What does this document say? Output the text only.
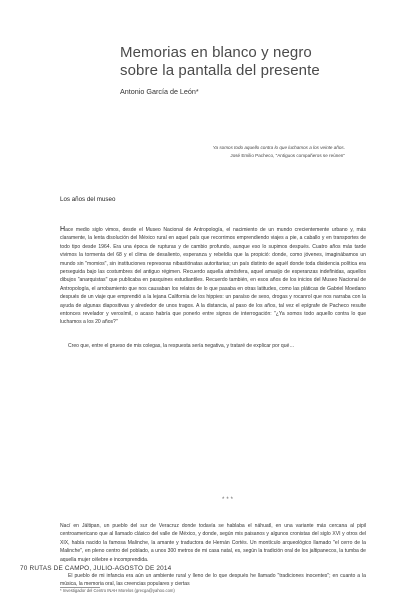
Memorias en blanco y negro
sobre la pantalla del presente
Antonio García de León*
Ya somos todo aquello contra lo que luchamos a los veinte años.
José Emilio Pacheco, "Antiguos compañeros se reúnen"
Los años del museo

Hace medio siglo vimos, desde el Museo Nacional de Antropología, el nacimiento de un mundo crecientemente urbano y, más claramente, la lenta disolución del México rural en aquel país que recorrimos emprendiendo viajes a pie, a caballo y en transportes de todo tipo desde 1964. Era una época de rupturas y de cambio profundo, aunque eso lo supimos después. Cuatro años más tarde vivimos la tormenta del 68 y el clima de desaliento, esperanza y rebeldía que la propició: donde, como jóvenes, imaginábamos un mundo sin "momios", sin instituciones represoras nibastiónatas autoritarias; un país distinto de aquél donde toda disidencia política era perseguida bajo las costumbres del antiguo régimen. Recuerdo aquella atmósfera, aquel amasijo de esperanzas indefinidas, aquellos dibujos "anarquistas" que publicaba en pasquines estudiantiles. Recuerdo también, en esos años de los inicios del Museo Nacional de Antropología, el arrobamiento que nos causaban los relatos de lo que pasaba en otras latitudes, como las pláticas de Gabriel Moedano después de un viaje que emprendió a la lejana California de los hippies: un paraíso de sexo, drogas y rocanrol que nos narraba con la ayuda de algunas diapositivas y alrededor de unos tragos. A la distancia, al paso de los años, tal vez el epígrafe de Pacheco resulte entonces revelador y verosímil, o acaso habría que ponerlo entre signos de interrogación: "¿Ya somos todo aquello contra lo que luchamos a los 20 años?"

Creo que, entre el grueso de mis colegas, la respuesta sería negativa, y trataré de explicar por qué…

***

Nací en Jáltipan, un pueblo del sur de Veracruz donde todavía se hablaba el náhuatl, en una variante más cercana al pipil centroamericano que al llamado clásico del valle de México, y donde, según mis paisanos y algunos cronistas del siglo XVI y otros del XIX, había nacido la famosa Malinche, la amante y traductora de Hernán Cortés. Un montículo arqueológico llamado "el cerro de la Malinche", en pleno centro del poblado, a unos 300 metros de mi casa natal, es, según la tradición oral de los jaltipanecos, la tumba de aquella mujer célebre e incomprendida.

El pueblo de mi infancia era aún un ambiente rural y lleno de lo que después he llamado "tradiciones inocentes"; en cuanto a la música, la memoria oral, las creencias populares y ciertas

70 RUTAS DE CAMPO, JULIO-AGOSTO DE 2014
* Investigador del Centro INAH Morelos (grecga@yahoo.com)
